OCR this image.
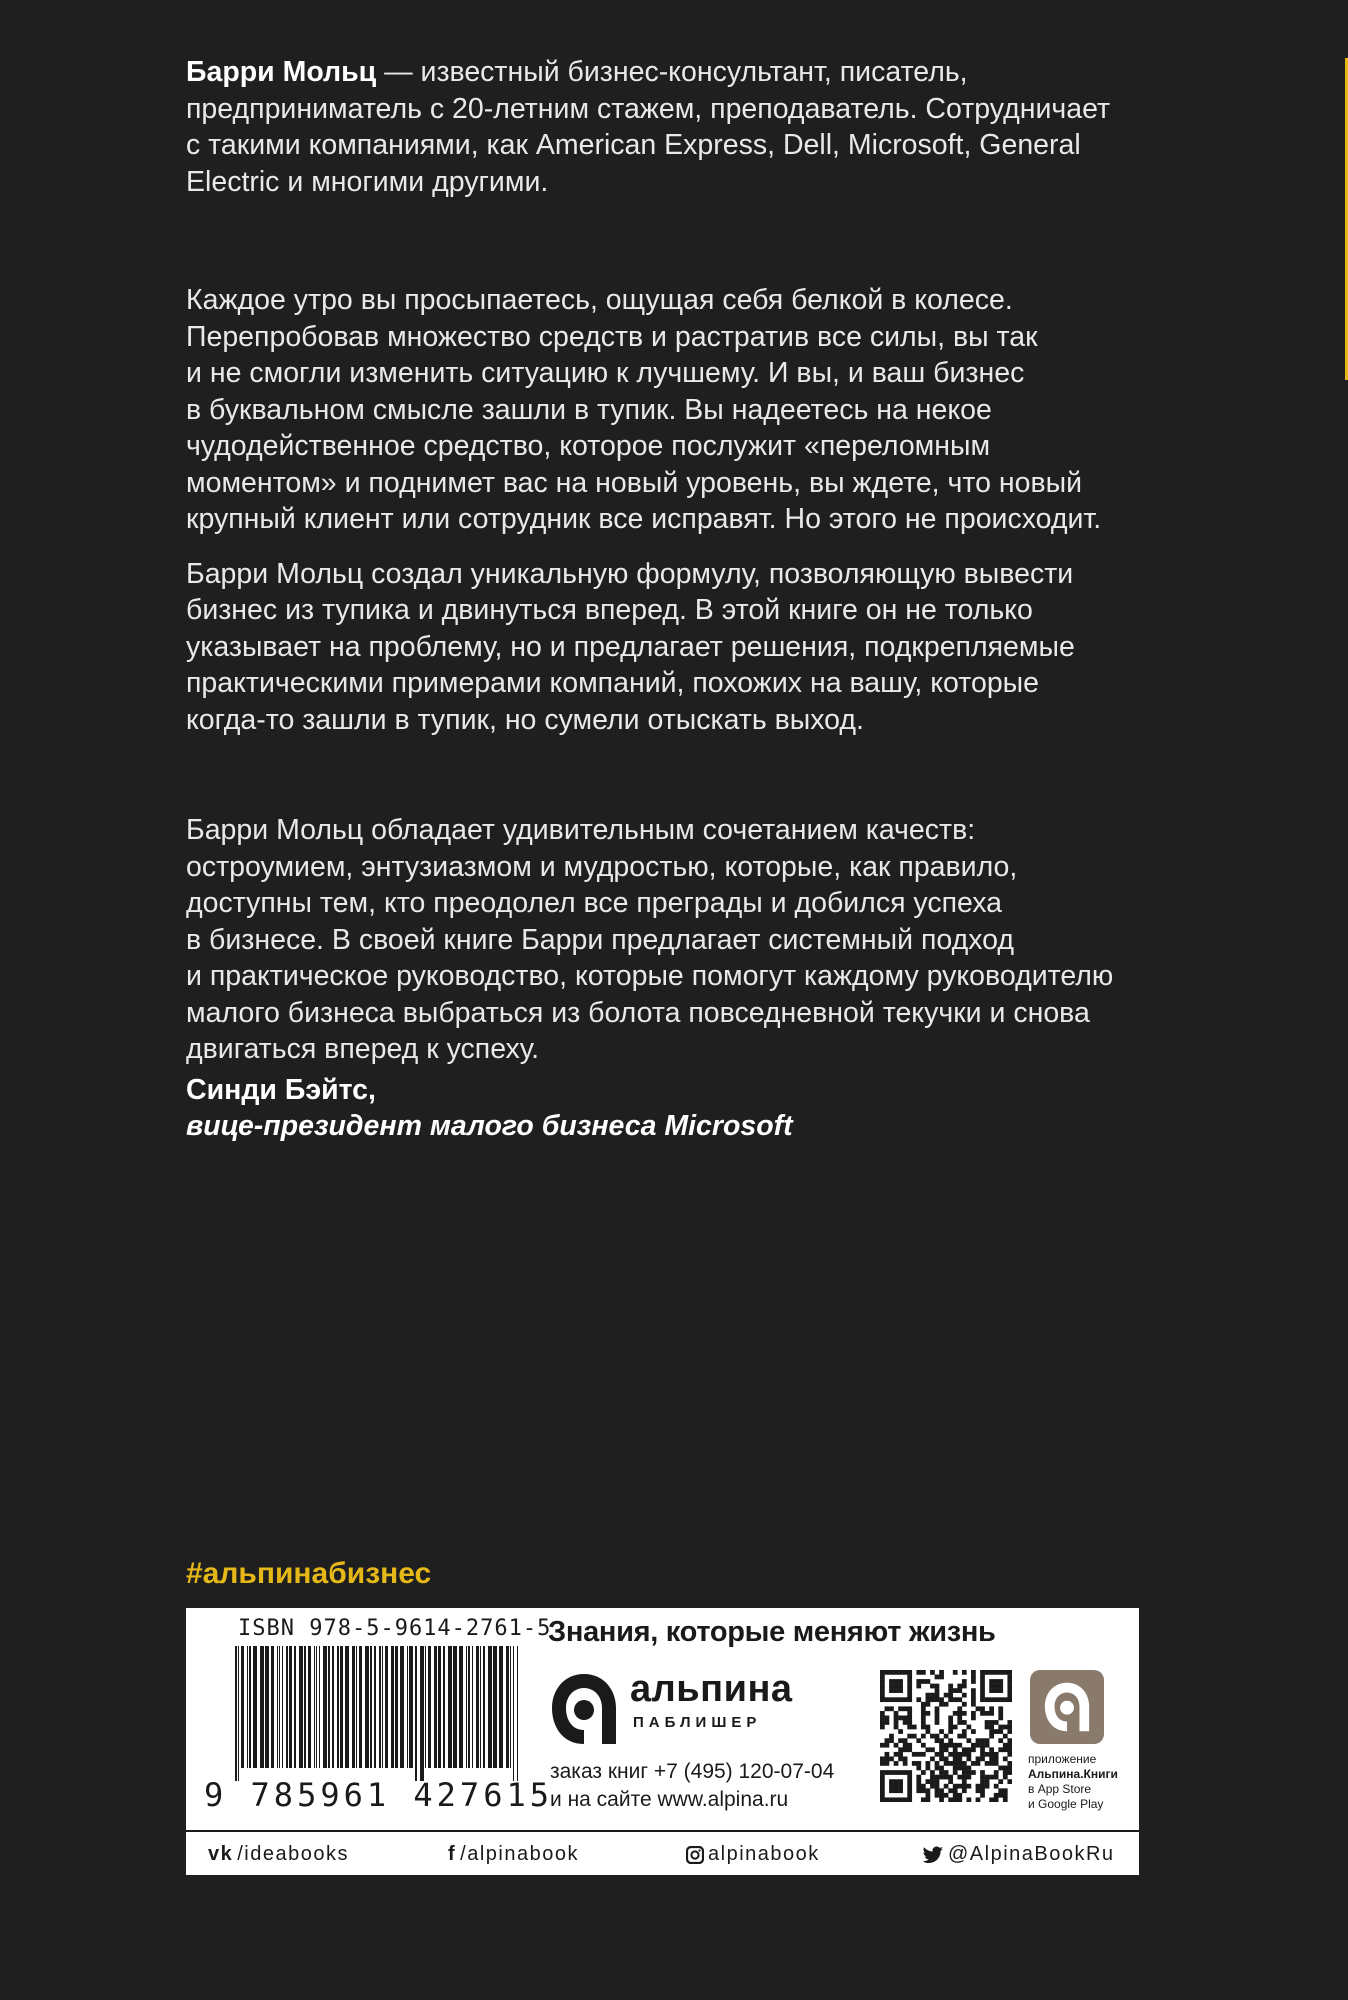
Барри Мольц — известный бизнес-консультант, писатель,

предприниматель с 20-летним стажем, преподаватель. Сотрудничает

с такими компаниями, как American Express, Dell, Microsoft, General

Electric и многими другими.

Каждое утро вы просыпаетесь, ощущая себя белкой в колесе.
Перепробовав множество средств и растратив все силы, вы так
и не смогли изменить ситуацию к лучшему. И вы, и ваш бизнес
в буквальном смысле зашли в тупик. Вы надеетесь на некое
чудодейственное средство, которое послужит «переломным
моментом» и поднимет вас на новый уровень, вы ждете, что новый
крупный клиент или сотрудник все исправят. Но этого не происходит.

Барри Мольц создал уникальную формулу, позволяющую вывести
бизнес из тупика и двинуться вперед. В этой книге он не только
указывает на проблему, но и предлагает решения, подкрепляемые
практическими примерами компаний, похожих на вашу, которые
когда-то зашли в тупик, но сумели отыскать выход.

Барри Мольц обладает удивительным сочетанием качеств:
остроумием, энтузиазмом и мудростью, которые, как правило,
доступны тем, кто преодолел все преграды и добился успеха
в бизнесе. В своей книге Барри предлагает системный подход
и практическое руководство, которые помогут каждому руководителю
малого бизнеса выбраться из болота повседневной текучки и снова
двигаться вперед к успеху.

Синди Бэйтс,

вице-президент малого бизнеса Microsoft

#альпинабизнес
ISBN 978-5-9614-2761-5
9 785961 427615
Знания, которые меняют жизнь
альпина
ПАБЛИШЕР
заказ книг +7 (495) 120-07-04
и на сайте www.alpina.ru
приложение
Альпина.Книги
в App Store
и Google Play
vk /ideabooks	f /alpinabook	alpinabook	@AlpinaBookRu
